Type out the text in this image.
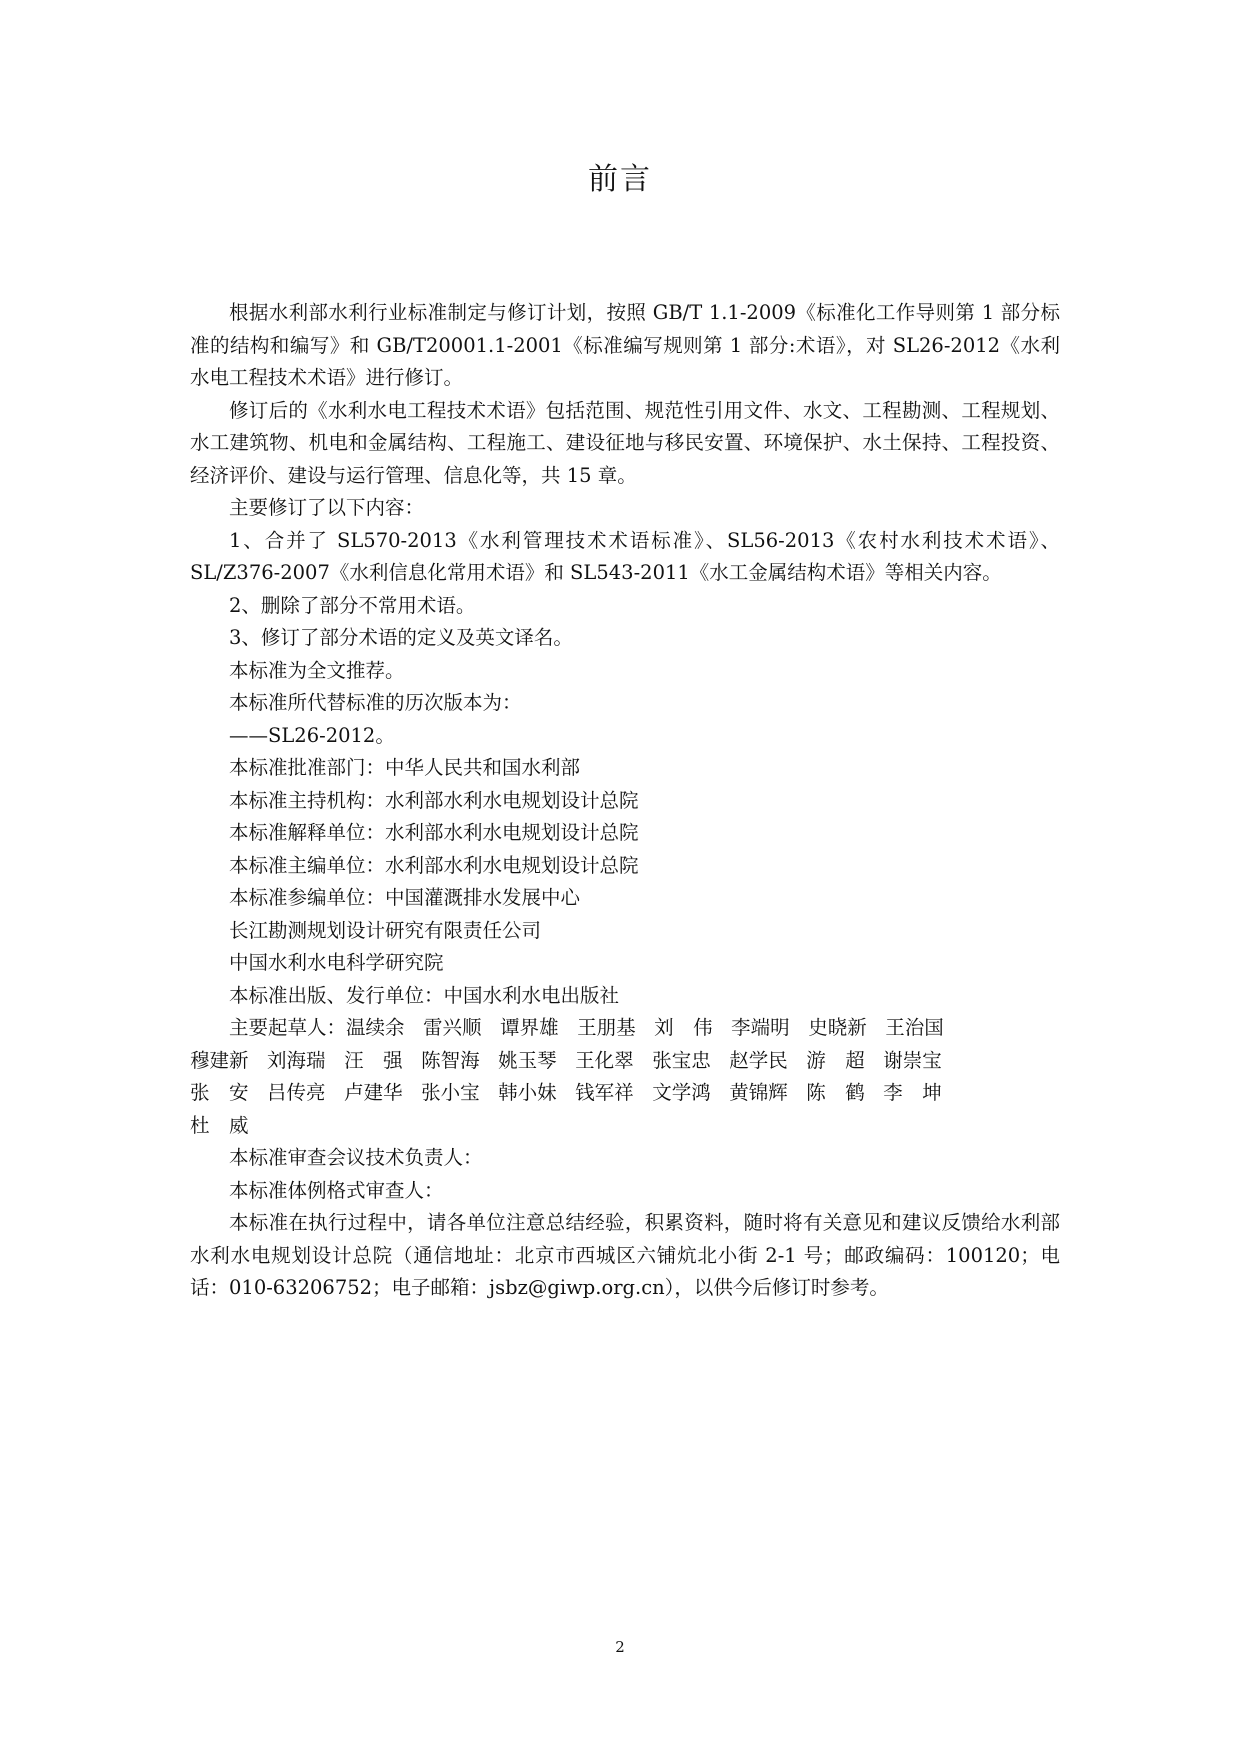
前言

根据水利部水利行业标准制定与修订计划，按照 GB/T 1.1-2009《标准化工作导则第 1 部分标准的结构和编写》和 GB/T20001.1-2001《标准编写规则第 1 部分:术语》，对 SL26-2012《水利水电工程技术术语》进行修订。

修订后的《水利水电工程技术术语》包括范围、规范性引用文件、水文、工程勘测、工程规划、水工建筑物、机电和金属结构、工程施工、建设征地与移民安置、环境保护、水土保持、工程投资、经济评价、建设与运行管理、信息化等，共 15 章。

主要修订了以下内容：

1、合并了 SL570-2013《水利管理技术术语标准》、SL56-2013《农村水利技术术语》、SL/Z376-2007《水利信息化常用术语》和 SL543-2011《水工金属结构术语》等相关内容。

2、删除了部分不常用术语。

3、修订了部分术语的定义及英文译名。

本标准为全文推荐。

本标准所代替标准的历次版本为：

——SL26-2012。

本标准批准部门：中华人民共和国水利部

本标准主持机构：水利部水利水电规划设计总院

本标准解释单位：水利部水利水电规划设计总院

本标准主编单位：水利部水利水电规划设计总院

本标准参编单位：中国灌溉排水发展中心

长江勘测规划设计研究有限责任公司

中国水利水电科学研究院

本标准出版、发行单位：中国水利水电出版社

主要起草人： 温续余 雷兴顺 谭界雄 王朋基 刘　伟 李端明 史晓新 王治国
穆建新 刘海瑞 汪　强 陈智海 姚玉琴 王化翠 张宝忠 赵学民 游　超 谢崇宝
张　安 吕传亮 卢建华 张小宝 韩小妹 钱军祥 文学鸿 黄锦辉 陈　鹤 李　坤
杜　威

本标准审查会议技术负责人：

本标准体例格式审查人：

本标准在执行过程中，请各单位注意总结经验，积累资料，随时将有关意见和建议反馈给水利部水利水电规划设计总院（通信地址：北京市西城区六铺炕北小街 2-1 号；邮政编码：100120；电话：010-63206752；电子邮箱：jsbz@giwp.org.cn），以供今后修订时参考。

2
